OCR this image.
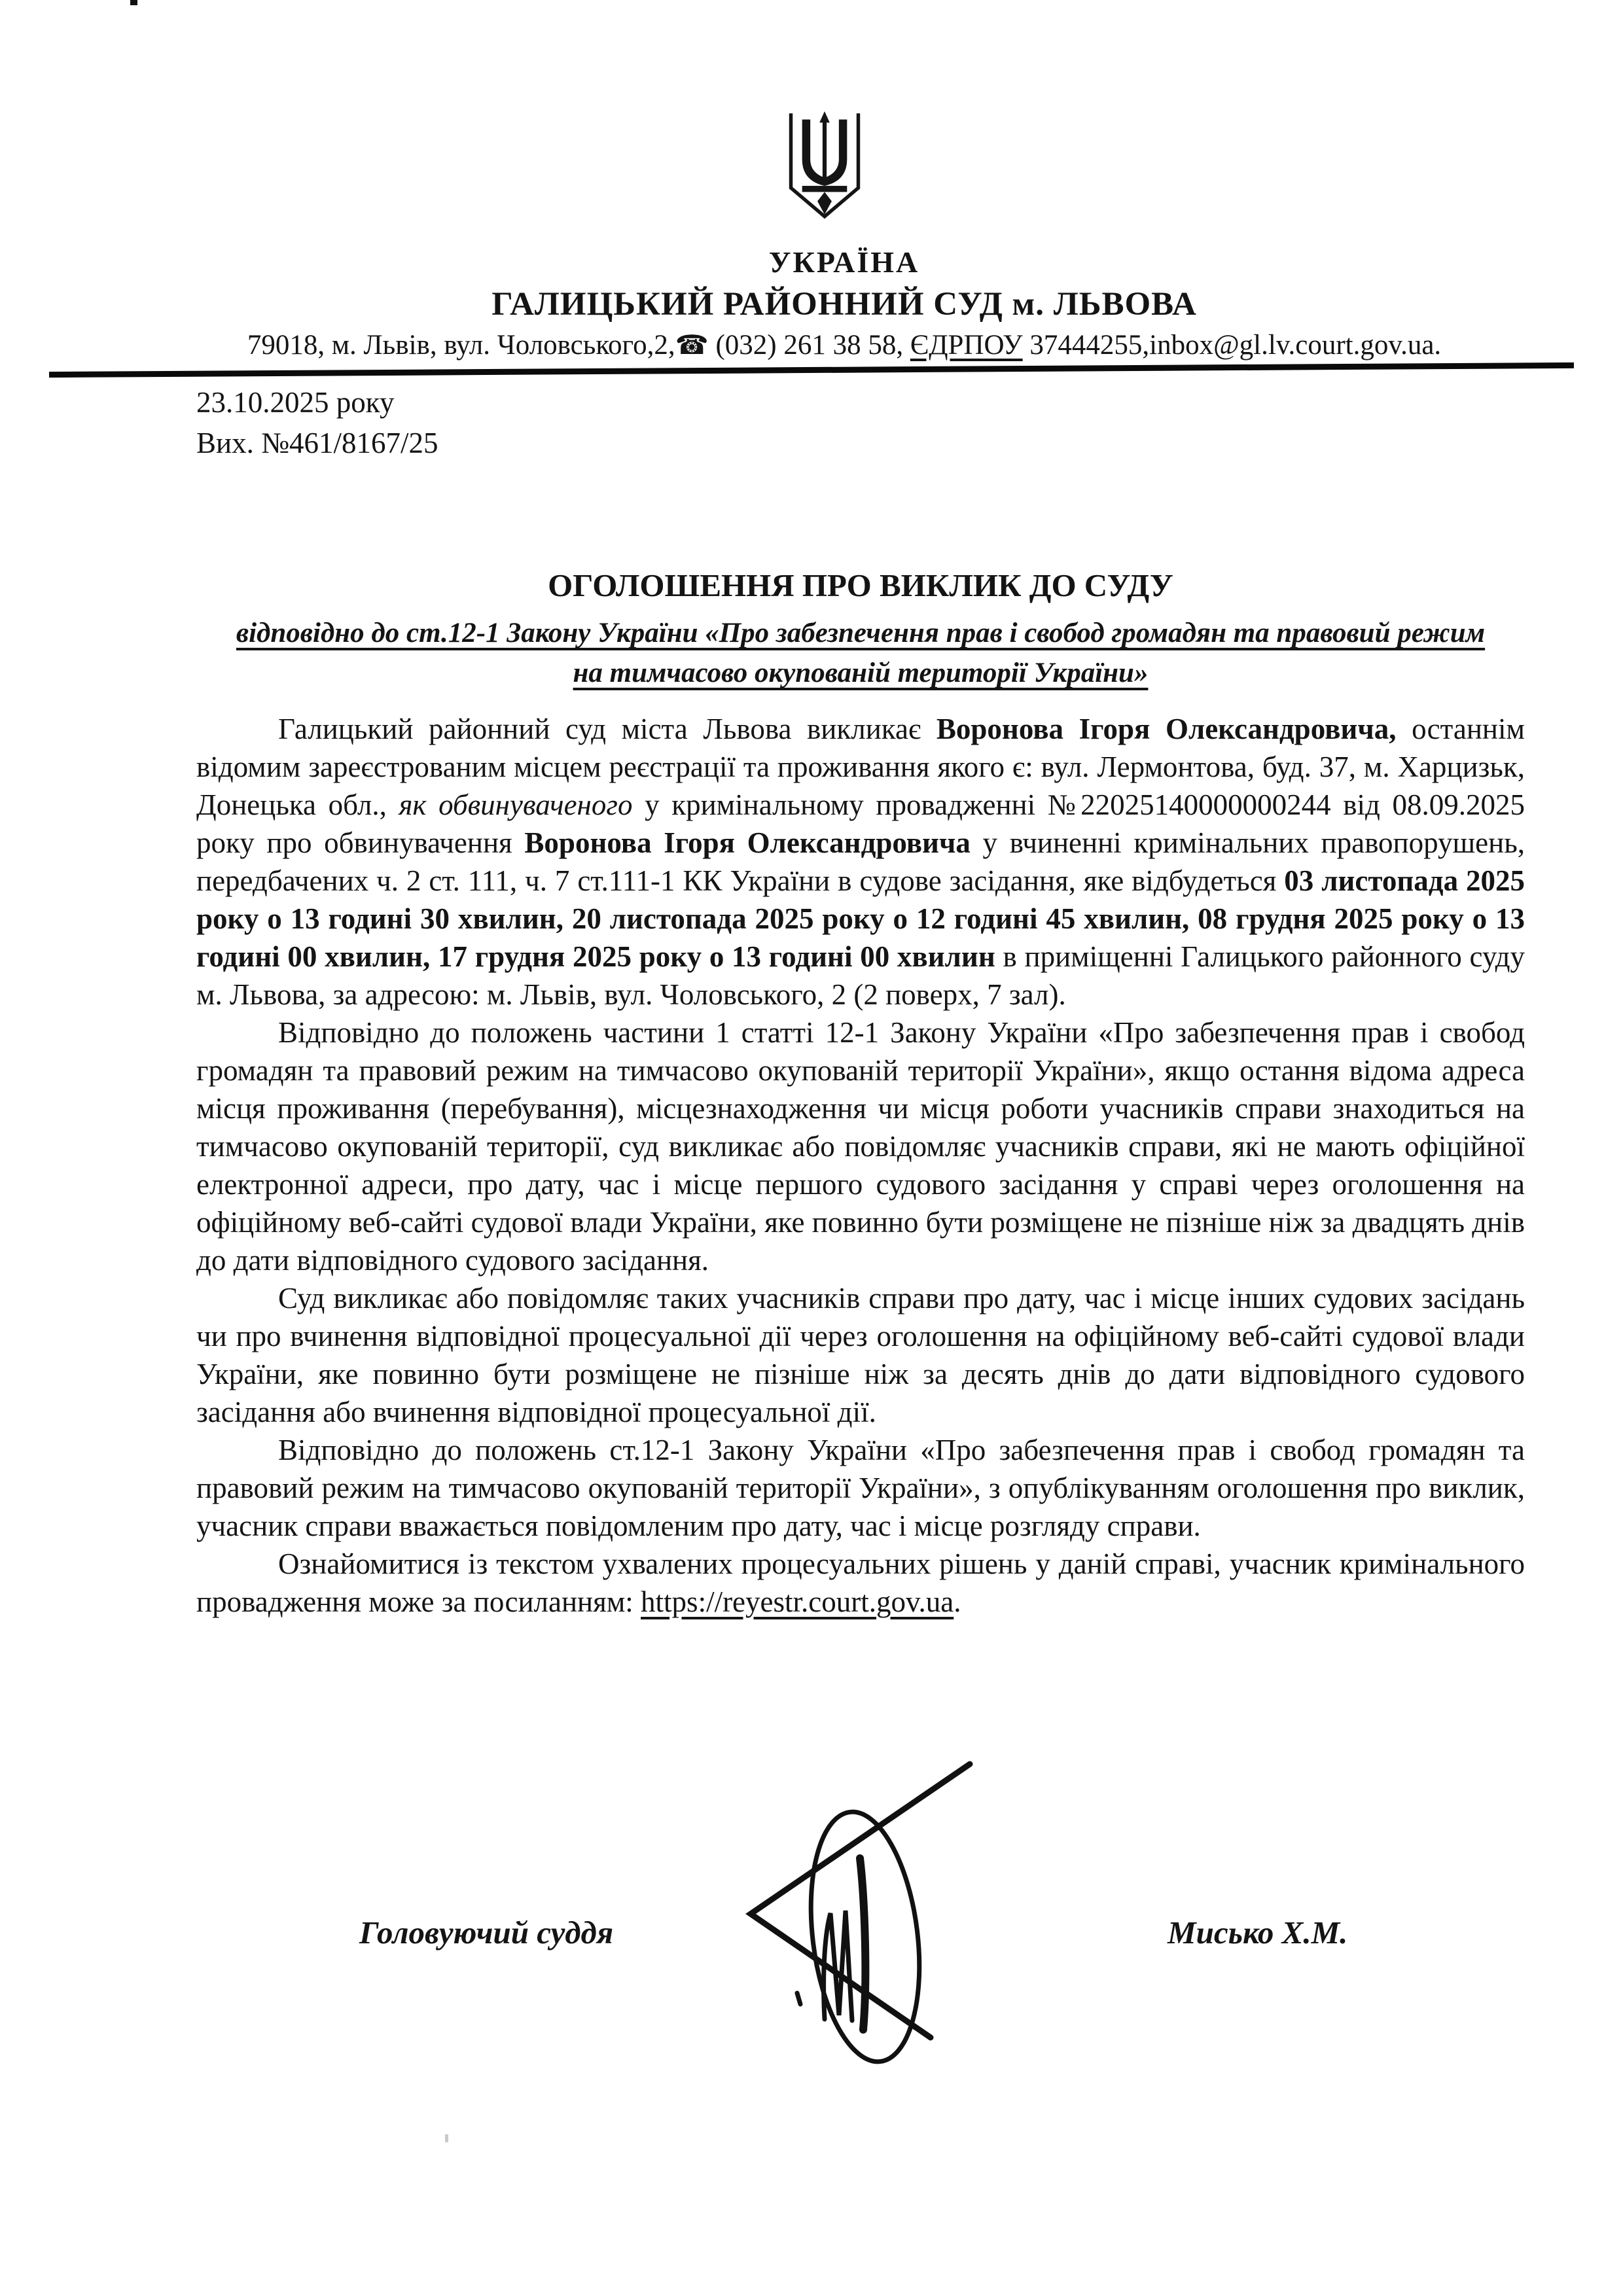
УКРАЇНА
ГАЛИЦЬКИЙ РАЙОННИЙ СУД м. ЛЬВОВА
79018, м. Львів, вул. Чоловського,2,☎ (032) 261 38 58, ЄДРПОУ 37444255,inbox@gl.lv.court.gov.ua.
23.10.2025 року
Вих. №461/8167/25
ОГОЛОШЕННЯ ПРО ВИКЛИК ДО СУДУ
відповідно до ст.12-1 Закону України «Про забезпечення прав і свобод громадян та правовий режим
на тимчасово окупованій території України»

Галицький районний суд міста Львова викликає Воронова Ігоря Олександровича, останнім відомим зареєстрованим місцем реєстрації та проживання якого є: вул. Лермонтова, буд. 37, м. Харцизьк, Донецька обл., як обвинуваченого у кримінальному провадженні №22025140000000244 від 08.09.2025 року про обвинувачення Воронова Ігоря Олександровича у вчиненні кримінальних правопорушень, передбачених ч. 2 ст. 111, ч. 7 ст.111-1 КК України в судове засідання, яке відбудеться 03 листопада 2025 року о 13 годині 30 хвилин, 20 листопада 2025 року о 12 годині 45 хвилин, 08 грудня 2025 року о 13 годині 00 хвилин, 17 грудня 2025 року о 13 годині 00 хвилин в приміщенні Галицького районного суду м. Львова, за адресою: м. Львів, вул. Чоловського, 2 (2 поверх, 7 зал).

Відповідно до положень частини 1 статті 12-1 Закону України «Про забезпечення прав і свобод громадян та правовий режим на тимчасово окупованій території України», якщо остання відома адреса місця проживання (перебування), місцезнаходження чи місця роботи учасників справи знаходиться на тимчасово окупованій території, суд викликає або повідомляє учасників справи, які не мають офіційної електронної адреси, про дату, час і місце першого судового засідання у справі через оголошення на офіційному веб-сайті судової влади України, яке повинно бути розміщене не пізніше ніж за двадцять днів до дати відповідного судового засідання.

Суд викликає або повідомляє таких учасників справи про дату, час і місце інших судових засідань чи про вчинення відповідної процесуальної дії через оголошення на офіційному веб-сайті судової влади України, яке повинно бути розміщене не пізніше ніж за десять днів до дати відповідного судового засідання або вчинення відповідної процесуальної дії.

Відповідно до положень ст.12-1 Закону України «Про забезпечення прав і свобод громадян та правовий режим на тимчасово окупованій території України», з опублікуванням оголошення про виклик, учасник справи вважається повідомленим про дату, час і місце розгляду справи.

Ознайомитися із текстом ухвалених процесуальних рішень у даній справі, учасник кримінального провадження може за посиланням: https://reyestr.court.gov.ua.

Головуючий суддя	Мисько Х.М.
